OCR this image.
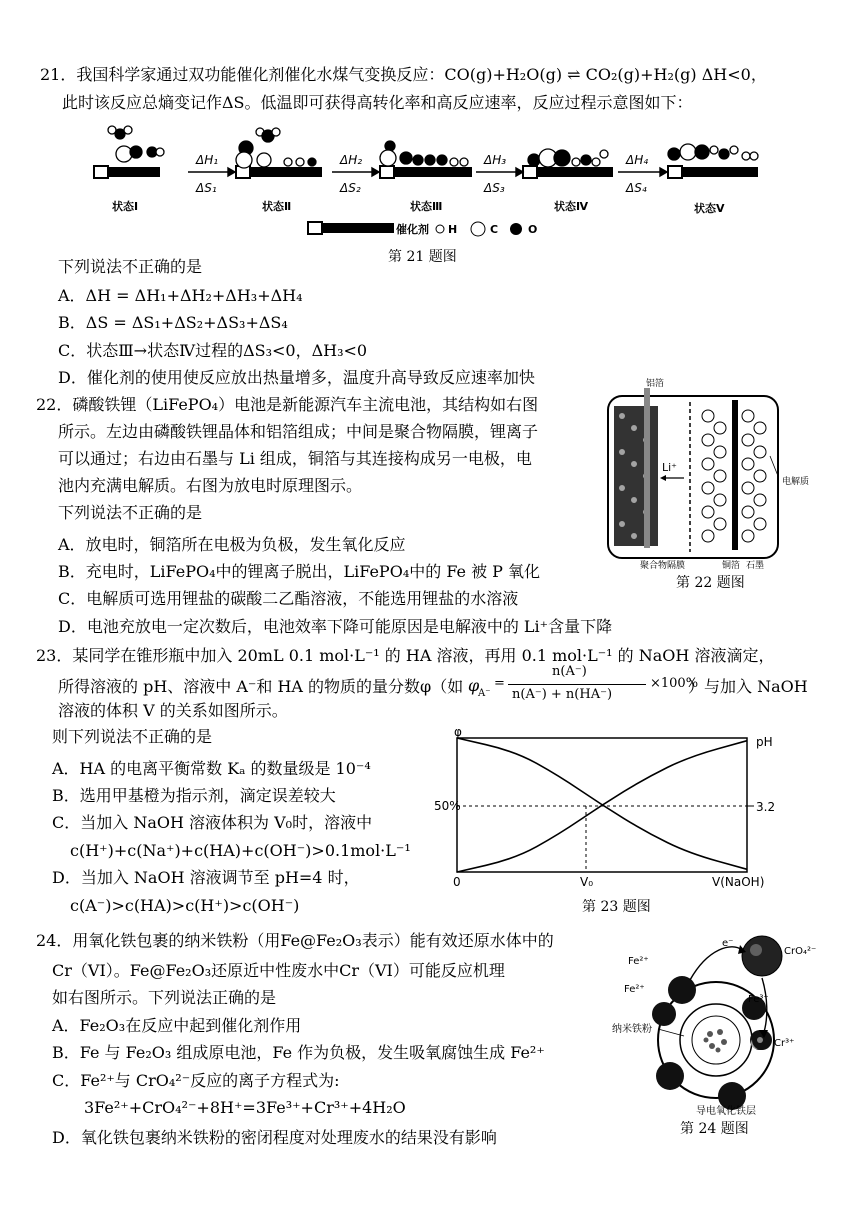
21．我国科学家通过双功能催化剂催化水煤气变换反应：CO(g)+H₂O(g) ⇌ CO₂(g)+H₂(g) ΔH<0，
此时该反应总熵变记作ΔS。低温即可获得高转化率和高反应速率，反应过程示意图如下：
ΔH₁
ΔS₁
ΔH₂
ΔS₂
ΔH₃
ΔS₃
ΔH₄
ΔS₄
状态Ⅰ	状态Ⅱ	状态Ⅲ	状态Ⅳ	状态Ⅴ
催化剂 H	C	O
第 21 题图
下列说法不正确的是
A．ΔH = ΔH₁+ΔH₂+ΔH₃+ΔH₄
B．ΔS = ΔS₁+ΔS₂+ΔS₃+ΔS₄
C．状态Ⅲ→状态Ⅳ过程的ΔS₃<0，ΔH₃<0
D．催化剂的使用使反应放出热量增多，温度升高导致反应速率加快
22．磷酸铁锂（LiFePO₄）电池是新能源汽车主流电池，其结构如右图
所示。左边由磷酸铁锂晶体和铝箔组成；中间是聚合物隔膜，锂离子
可以通过；右边由石墨与 Li 组成，铜箔与其连接构成另一电极，电
池内充满电解质。右图为放电时原理图示。
下列说法不正确的是
A．放电时，铜箔所在电极为负极，发生氧化反应
B．充电时，LiFePO₄中的锂离子脱出，LiFePO₄中的 Fe 被 P 氧化
C．电解质可选用锂盐的碳酸二乙酯溶液，不能选用锂盐的水溶液
D．电池充放电一定次数后，电池效率下降可能原因是电解液中的 Li⁺含量下降
Li⁺
铝箔
电解质
聚合物隔膜	铜箔 石墨
第 22 题图
23．某同学在锥形瓶中加入 20mL 0.1 mol·L⁻¹ 的 HA 溶液，再用 0.1 mol·L⁻¹ 的 NaOH 溶液滴定，
所得溶液的 pH、溶液中 A⁻和 HA 的物质的量分数φ（如 φ
A⁻
=
n(A⁻)
n(A⁻) + n(HA⁻)
×100%
）与加入 NaOH
溶液的体积 V 的关系如图所示。
则下列说法不正确的是
A．HA 的电离平衡常数 Kₐ 的数量级是 10⁻⁴
B．选用甲基橙为指示剂，滴定误差较大
C．当加入 NaOH 溶液体积为 V₀时，溶液中
c(H⁺)+c(Na⁺)+c(HA)+c(OH⁻)>0.1mol·L⁻¹
D．当加入 NaOH 溶液调节至 pH=4 时，
c(A⁻)>c(HA)>c(H⁺)>c(OH⁻)
φ
pH
50%	3.2
0	V₀	V(NaOH)
第 23 题图
24．用氧化铁包裹的纳米铁粉（用Fe@Fe₂O₃表示）能有效还原水体中的
Cr（VI）。Fe@Fe₂O₃还原近中性废水中Cr（VI）可能反应机理
如右图所示。下列说法正确的是
A．Fe₂O₃在反应中起到催化剂作用
B．Fe 与 Fe₂O₃ 组成原电池，Fe 作为负极，发生吸氧腐蚀生成 Fe²⁺
C．Fe²⁺与 CrO₄²⁻反应的离子方程式为:
3Fe²⁺+CrO₄²⁻+8H⁺=3Fe³⁺+Cr³⁺+4H₂O
D．氧化铁包裹纳米铁粉的密闭程度对处理废水的结果没有影响
Fe²⁺
Fe²⁺
e⁻
CrO₄²⁻
Fe³⁺
Cr³⁺
纳米铁粉
导电氧化铁层
第 24 题图
